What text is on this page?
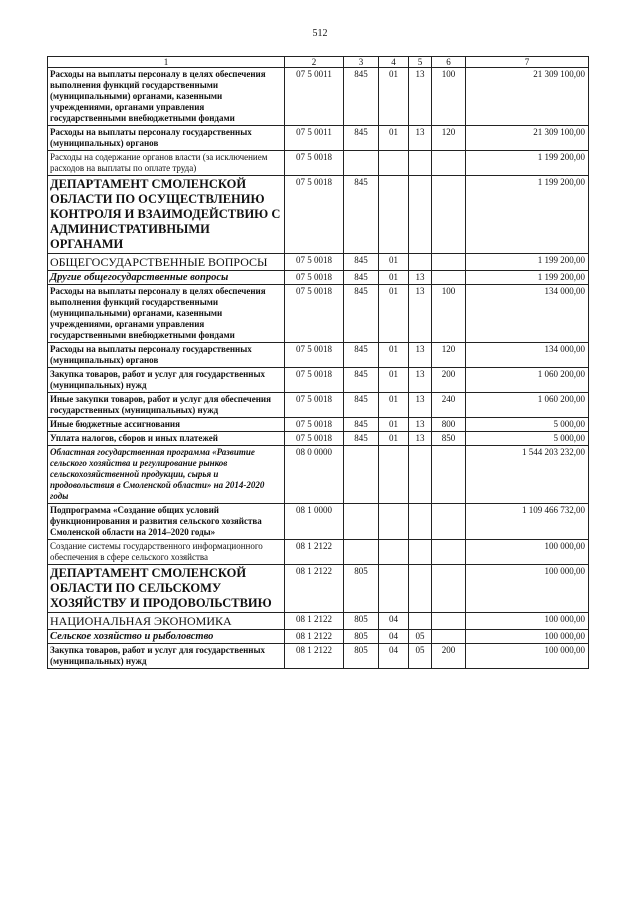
512
1	2	3	4	5	6	7
Расходы на выплаты персоналу в целях обеспечения выполнения функций государственными (муниципальными) органами, казенными учреждениями, органами управления государственными внебюджетными фондами	07 5 0011	845	01	13	100	21 309 100,00
Расходы на выплаты персоналу государственных (муниципальных) органов	07 5 0011	845	01	13	120	21 309 100,00
Расходы на содержание органов власти (за исключением расходов на выплаты по оплате труда)	07 5 0018					1 199 200,00
ДЕПАРТАМЕНТ СМОЛЕНСКОЙ ОБЛАСТИ ПО ОСУЩЕСТВЛЕНИЮ КОНТРОЛЯ И ВЗАИМОДЕЙСТВИЮ С АДМИНИСТРАТИВНЫМИ ОРГАНАМИ	07 5 0018	845				1 199 200,00
ОБЩЕГОСУДАРСТВЕННЫЕ ВОПРОСЫ	07 5 0018	845	01			1 199 200,00
Другие общегосударственные вопросы	07 5 0018	845	01	13		1 199 200,00
Расходы на выплаты персоналу в целях обеспечения выполнения функций государственными (муниципальными) органами, казенными учреждениями, органами управления государственными внебюджетными фондами	07 5 0018	845	01	13	100	134 000,00
Расходы на выплаты персоналу государственных (муниципальных) органов	07 5 0018	845	01	13	120	134 000,00
Закупка товаров, работ и услуг для государственных (муниципальных) нужд	07 5 0018	845	01	13	200	1 060 200,00
Иные закупки товаров, работ и услуг для обеспечения государственных (муниципальных) нужд	07 5 0018	845	01	13	240	1 060 200,00
Иные бюджетные ассигнования	07 5 0018	845	01	13	800	5 000,00
Уплата налогов, сборов и иных платежей	07 5 0018	845	01	13	850	5 000,00
Областная государственная программа «Развитие сельского хозяйства и регулирование рынков сельскохозяйственной продукции, сырья и продовольствия в Смоленской области» на 2014-2020 годы	08 0 0000					1 544 203 232,00
Подпрограмма «Создание общих условий функционирования и развития сельского хозяйства Смоленской области на 2014–2020 годы»	08 1 0000					1 109 466 732,00
Создание системы государственного информационного обеспечения в сфере сельского хозяйства	08 1 2122					100 000,00
ДЕПАРТАМЕНТ СМОЛЕНСКОЙ ОБЛАСТИ ПО СЕЛЬСКОМУ ХОЗЯЙСТВУ И ПРОДОВОЛЬСТВИЮ	08 1 2122	805				100 000,00
НАЦИОНАЛЬНАЯ ЭКОНОМИКА	08 1 2122	805	04			100 000,00
Сельское хозяйство и рыболовство	08 1 2122	805	04	05		100 000,00
Закупка товаров, работ и услуг для государственных (муниципальных) нужд	08 1 2122	805	04	05	200	100 000,00
